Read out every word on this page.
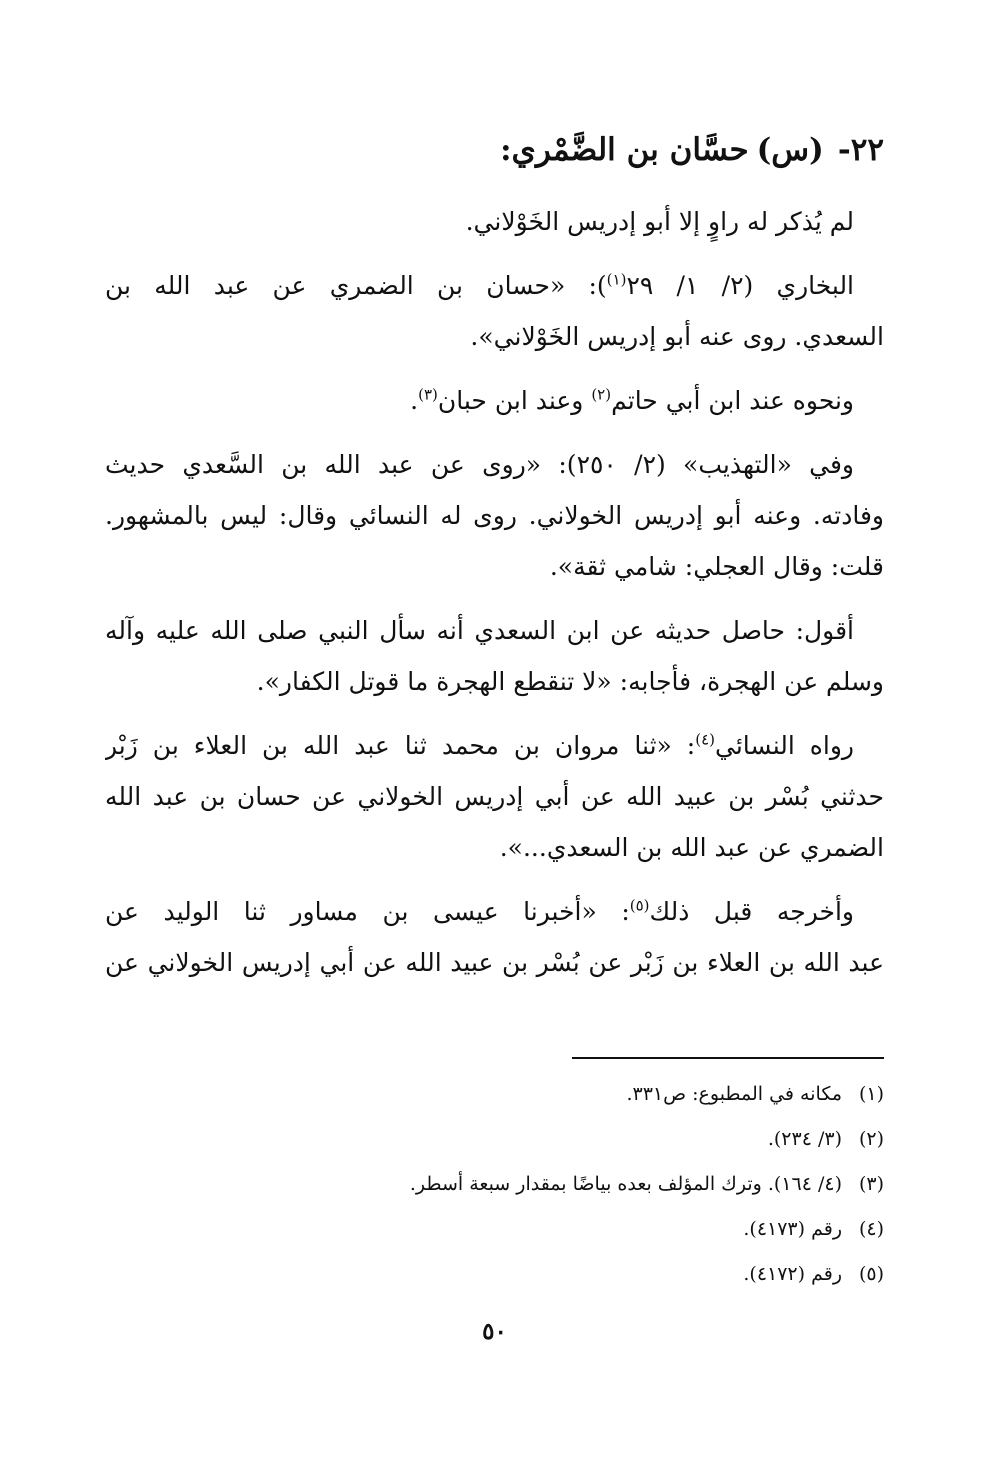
٢٢-(س)حسَّان بن الضَّمْري:

لم يُذكر له راوٍ إلا أبو إدريس الخَوْلاني.

البخاري (٢/ ١/ ٢٩$^{(١)}$): «حسان بن الضمري عن عبد الله بن
السعدي. روى عنه أبو إدريس الخَوْلاني».

ونحوه عند ابن أبي حاتم$^{(٢)}$ وعند ابن حبان$^{(٣)}$.

وفي «التهذيب» (٢/ ٢٥٠): «روى عن عبد الله بن السَّعدي حديث
وفادته. وعنه أبو إدريس الخولاني. روى له النسائي وقال: ليس بالمشهور.
قلت: وقال العجلي: شامي ثقة».

أقول: حاصل حديثه عن ابن السعدي أنه سأل النبي صلى الله عليه وآله
وسلم عن الهجرة، فأجابه: «لا تنقطع الهجرة ما قوتل الكفار».

رواه النسائي$^{(٤)}$: «ثنا مروان بن محمد ثنا عبد الله بن العلاء بن زَبْر
حدثني بُسْر بن عبيد الله عن أبي إدريس الخولاني عن حسان بن عبد الله
الضمري عن عبد الله بن السعدي...».

وأخرجه قبل ذلك$^{(٥)}$: «أخبرنا عيسى بن مساور ثنا الوليد عن
عبد الله بن العلاء بن زَبْر عن بُسْر بن عبيد الله عن أبي إدريس الخولاني عن

(١)مكانه في المطبوع: ص٣٣١.
(٢)(٣/ ٢٣٤).
(٣)(٤/ ١٦٤). وترك المؤلف بعده بياضًا بمقدار سبعة أسطر.
(٤)رقم (٤١٧٣).
(٥)رقم (٤١٧٢).
٥٠
